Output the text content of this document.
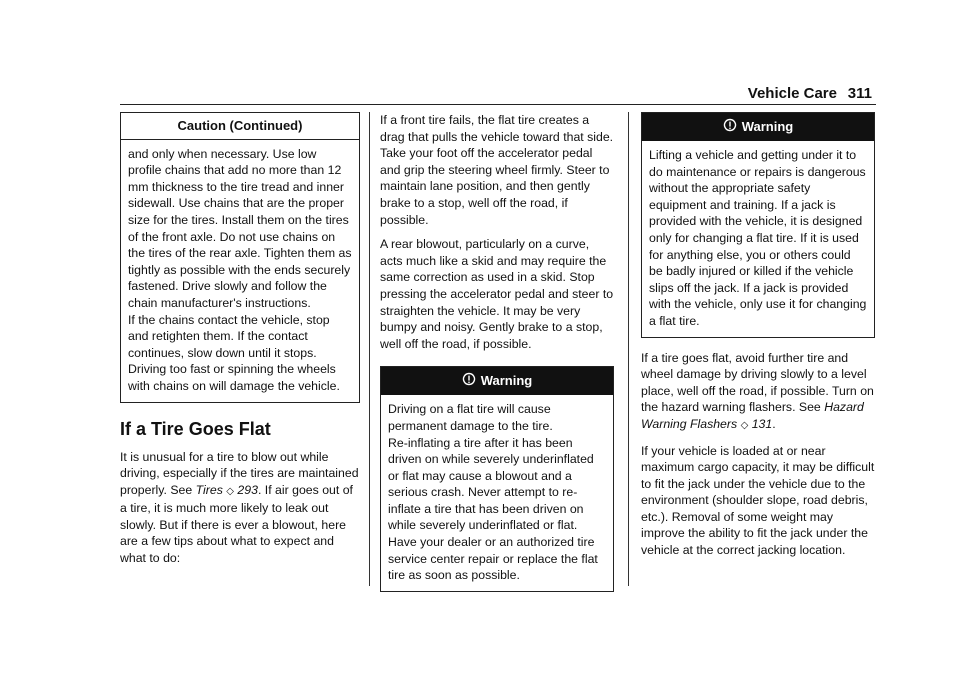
Vehicle Care 311
Caution (Continued)

and only when necessary. Use low profile chains that add no more than 12 mm thickness to the tire tread and inner sidewall. Use chains that are the proper size for the tires. Install them on the tires of the front axle. Do not use chains on the tires of the rear axle. Tighten them as tightly as possible with the ends securely fastened. Drive slowly and follow the chain manufacturer's instructions.

If the chains contact the vehicle, stop and retighten them. If the contact continues, slow down until it stops. Driving too fast or spinning the wheels with chains on will damage the vehicle.

If a Tire Goes Flat

It is unusual for a tire to blow out while driving, especially if the tires are maintained properly. See Tires ◇ 293. If air goes out of a tire, it is much more likely to leak out slowly. But if there is ever a blowout, here are a few tips about what to expect and what to do:

If a front tire fails, the flat tire creates a drag that pulls the vehicle toward that side. Take your foot off the accelerator pedal and grip the steering wheel firmly. Steer to maintain lane position, and then gently brake to a stop, well off the road, if possible.

A rear blowout, particularly on a curve, acts much like a skid and may require the same correction as used in a skid. Stop pressing the accelerator pedal and steer to straighten the vehicle. It may be very bumpy and noisy. Gently brake to a stop, well off the road, if possible.

Warning

Driving on a flat tire will cause permanent damage to the tire.

Re-inflating a tire after it has been driven on while severely underinflated or flat may cause a blowout and a serious crash. Never attempt to re-inflate a tire that has been driven on while severely underinflated or flat. Have your dealer or an authorized tire service center repair or replace the flat tire as soon as possible.

Warning

Lifting a vehicle and getting under it to do maintenance or repairs is dangerous without the appropriate safety equipment and training. If a jack is provided with the vehicle, it is designed only for changing a flat tire. If it is used for anything else, you or others could be badly injured or killed if the vehicle slips off the jack. If a jack is provided with the vehicle, only use it for changing a flat tire.

If a tire goes flat, avoid further tire and wheel damage by driving slowly to a level place, well off the road, if possible. Turn on the hazard warning flashers. See Hazard Warning Flashers ◇ 131.

If your vehicle is loaded at or near maximum cargo capacity, it may be difficult to fit the jack under the vehicle due to the environment (shoulder slope, road debris, etc.). Removal of some weight may improve the ability to fit the jack under the vehicle at the correct jacking location.
